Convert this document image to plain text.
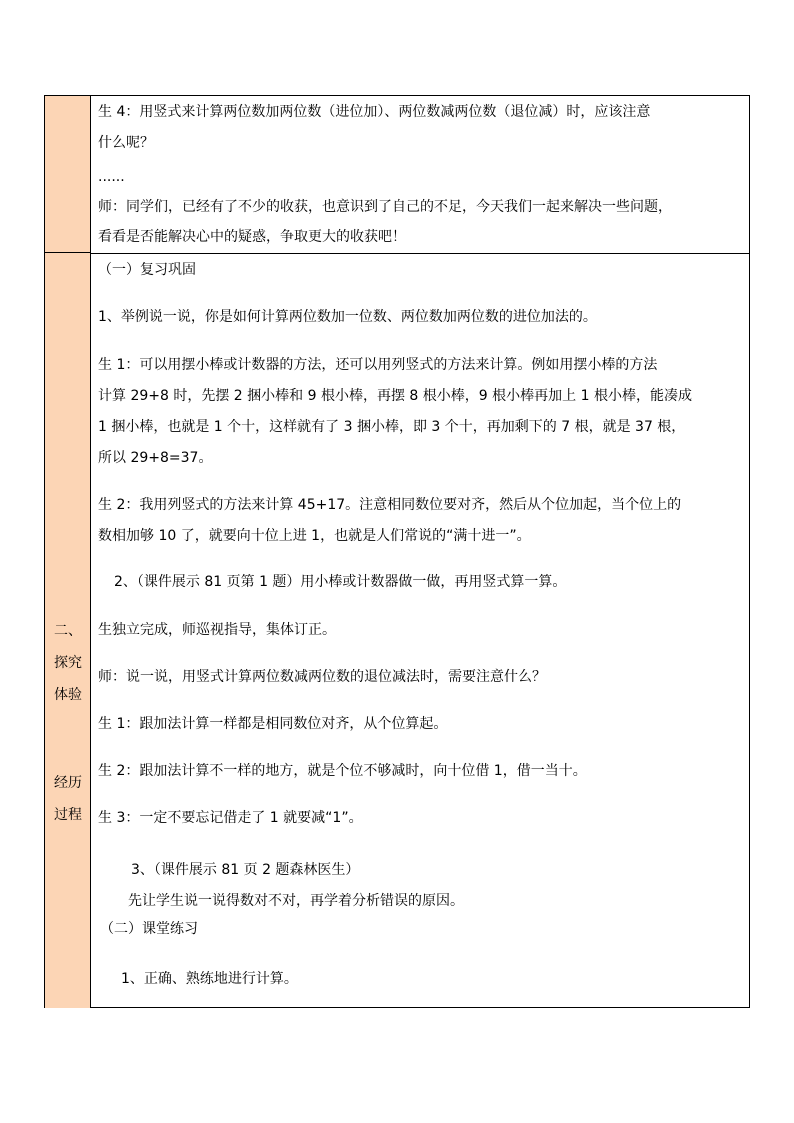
二、
探究
体验
经历
过程
生 4：用竖式来计算两位数加两位数（进位加）、两位数减两位数（退位减）时，应该注意
什么呢？
......
师：同学们，已经有了不少的收获，也意识到了自己的不足，今天我们一起来解决一些问题，
看看是否能解决心中的疑惑，争取更大的收获吧！
（一）复习巩固
1、举例说一说，你是如何计算两位数加一位数、两位数加两位数的进位加法的。
生 1：可以用摆小棒或计数器的方法，还可以用列竖式的方法来计算。例如用摆小棒的方法
计算 29+8 时，先摆 2 捆小棒和 9 根小棒，再摆 8 根小棒，9 根小棒再加上 1 根小棒，能凑成
1 捆小棒，也就是 1 个十，这样就有了 3 捆小棒，即 3 个十，再加剩下的 7 根，就是 37 根，
所以 29+8=37。
生 2：我用列竖式的方法来计算 45+17。注意相同数位要对齐，然后从个位加起，当个位上的
数相加够 10 了，就要向十位上进 1，也就是人们常说的“满十进一”。
2、（课件展示 81 页第 1 题）用小棒或计数器做一做，再用竖式算一算。
生独立完成，师巡视指导，集体订正。
师：说一说，用竖式计算两位数减两位数的退位减法时，需要注意什么？
生 1：跟加法计算一样都是相同数位对齐，从个位算起。
生 2：跟加法计算不一样的地方，就是个位不够减时，向十位借 1，借一当十。
生 3：一定不要忘记借走了 1 就要减“1”。
3、（课件展示 81 页 2 题森林医生）
先让学生说一说得数对不对，再学着分析错误的原因。
（二）课堂练习
1、正确、熟练地进行计算。
